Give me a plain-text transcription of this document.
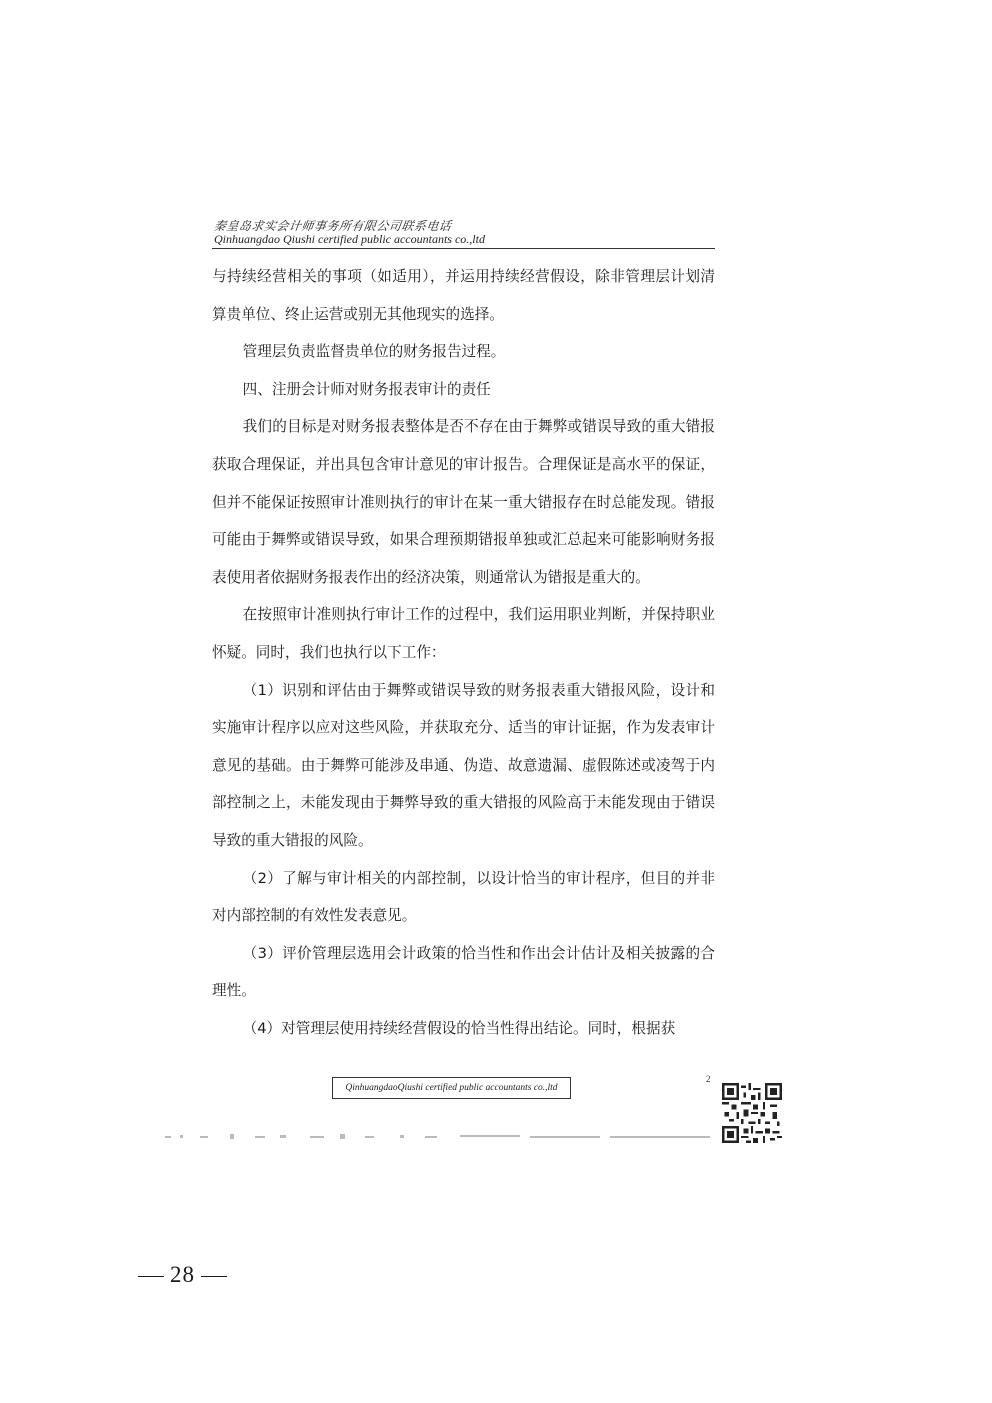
秦皇岛求实会计师事务所有限公司联系电话
Qinhuangdao Qiushi certified public accountants co.,ltd

与持续经营相关的事项（如适用），并运用持续经营假设，除非管理层计划清算贵单位、终止运营或别无其他现实的选择。

管理层负责监督贵单位的财务报告过程。

四、注册会计师对财务报表审计的责任

我们的目标是对财务报表整体是否不存在由于舞弊或错误导致的重大错报获取合理保证，并出具包含审计意见的审计报告。合理保证是高水平的保证，但并不能保证按照审计准则执行的审计在某一重大错报存在时总能发现。错报可能由于舞弊或错误导致，如果合理预期错报单独或汇总起来可能影响财务报表使用者依据财务报表作出的经济决策，则通常认为错报是重大的。

在按照审计准则执行审计工作的过程中，我们运用职业判断，并保持职业怀疑。同时，我们也执行以下工作：

（1）识别和评估由于舞弊或错误导致的财务报表重大错报风险，设计和实施审计程序以应对这些风险，并获取充分、适当的审计证据，作为发表审计意见的基础。由于舞弊可能涉及串通、伪造、故意遗漏、虚假陈述或凌驾于内部控制之上，未能发现由于舞弊导致的重大错报的风险高于未能发现由于错误导致的重大错报的风险。

（2）了解与审计相关的内部控制，以设计恰当的审计程序，但目的并非对内部控制的有效性发表意见。

（3）评价管理层选用会计政策的恰当性和作出会计估计及相关披露的合理性。

（4）对管理层使用持续经营假设的恰当性得出结论。同时，根据获

QinhuangdaoQiushi certified public accountants co.,ltd
2
28
